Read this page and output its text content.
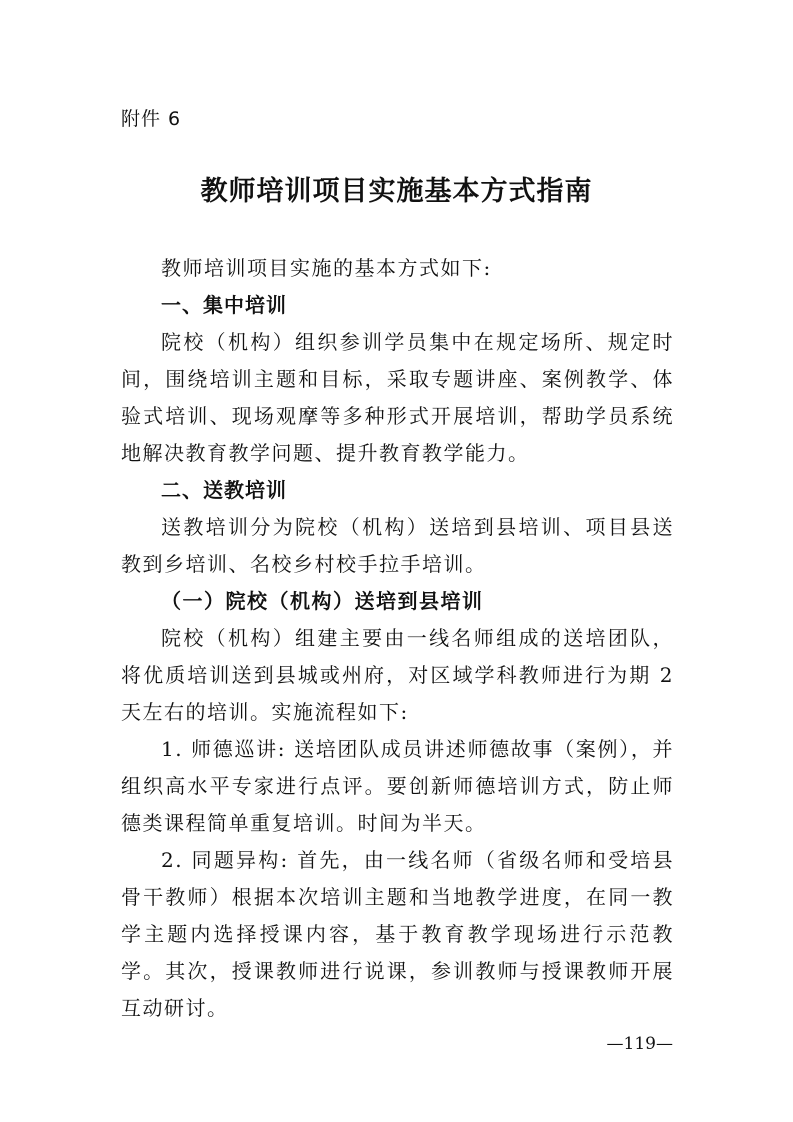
附件 6
教师培训项目实施基本方式指南

教师培训项目实施的基本方式如下:

一、集中培训

院校（机构）组织参训学员集中在规定场所、规定时间，围绕培训主题和目标，采取专题讲座、案例教学、体验式培训、现场观摩等多种形式开展培训，帮助学员系统地解决教育教学问题、提升教育教学能力。

二、送教培训

送教培训分为院校（机构）送培到县培训、项目县送教到乡培训、名校乡村校手拉手培训。

（一）院校（机构）送培到县培训

院校（机构）组建主要由一线名师组成的送培团队，将优质培训送到县城或州府，对区域学科教师进行为期 2 天左右的培训。实施流程如下:

1. 师德巡讲: 送培团队成员讲述师德故事（案例），并组织高水平专家进行点评。要创新师德培训方式，防止师德类课程简单重复培训。时间为半天。

2. 同题异构: 首先，由一线名师（省级名师和受培县骨干教师）根据本次培训主题和当地教学进度，在同一教学主题内选择授课内容，基于教育教学现场进行示范教学。其次，授课教师进行说课，参训教师与授课教师开展互动研讨。

—119—
